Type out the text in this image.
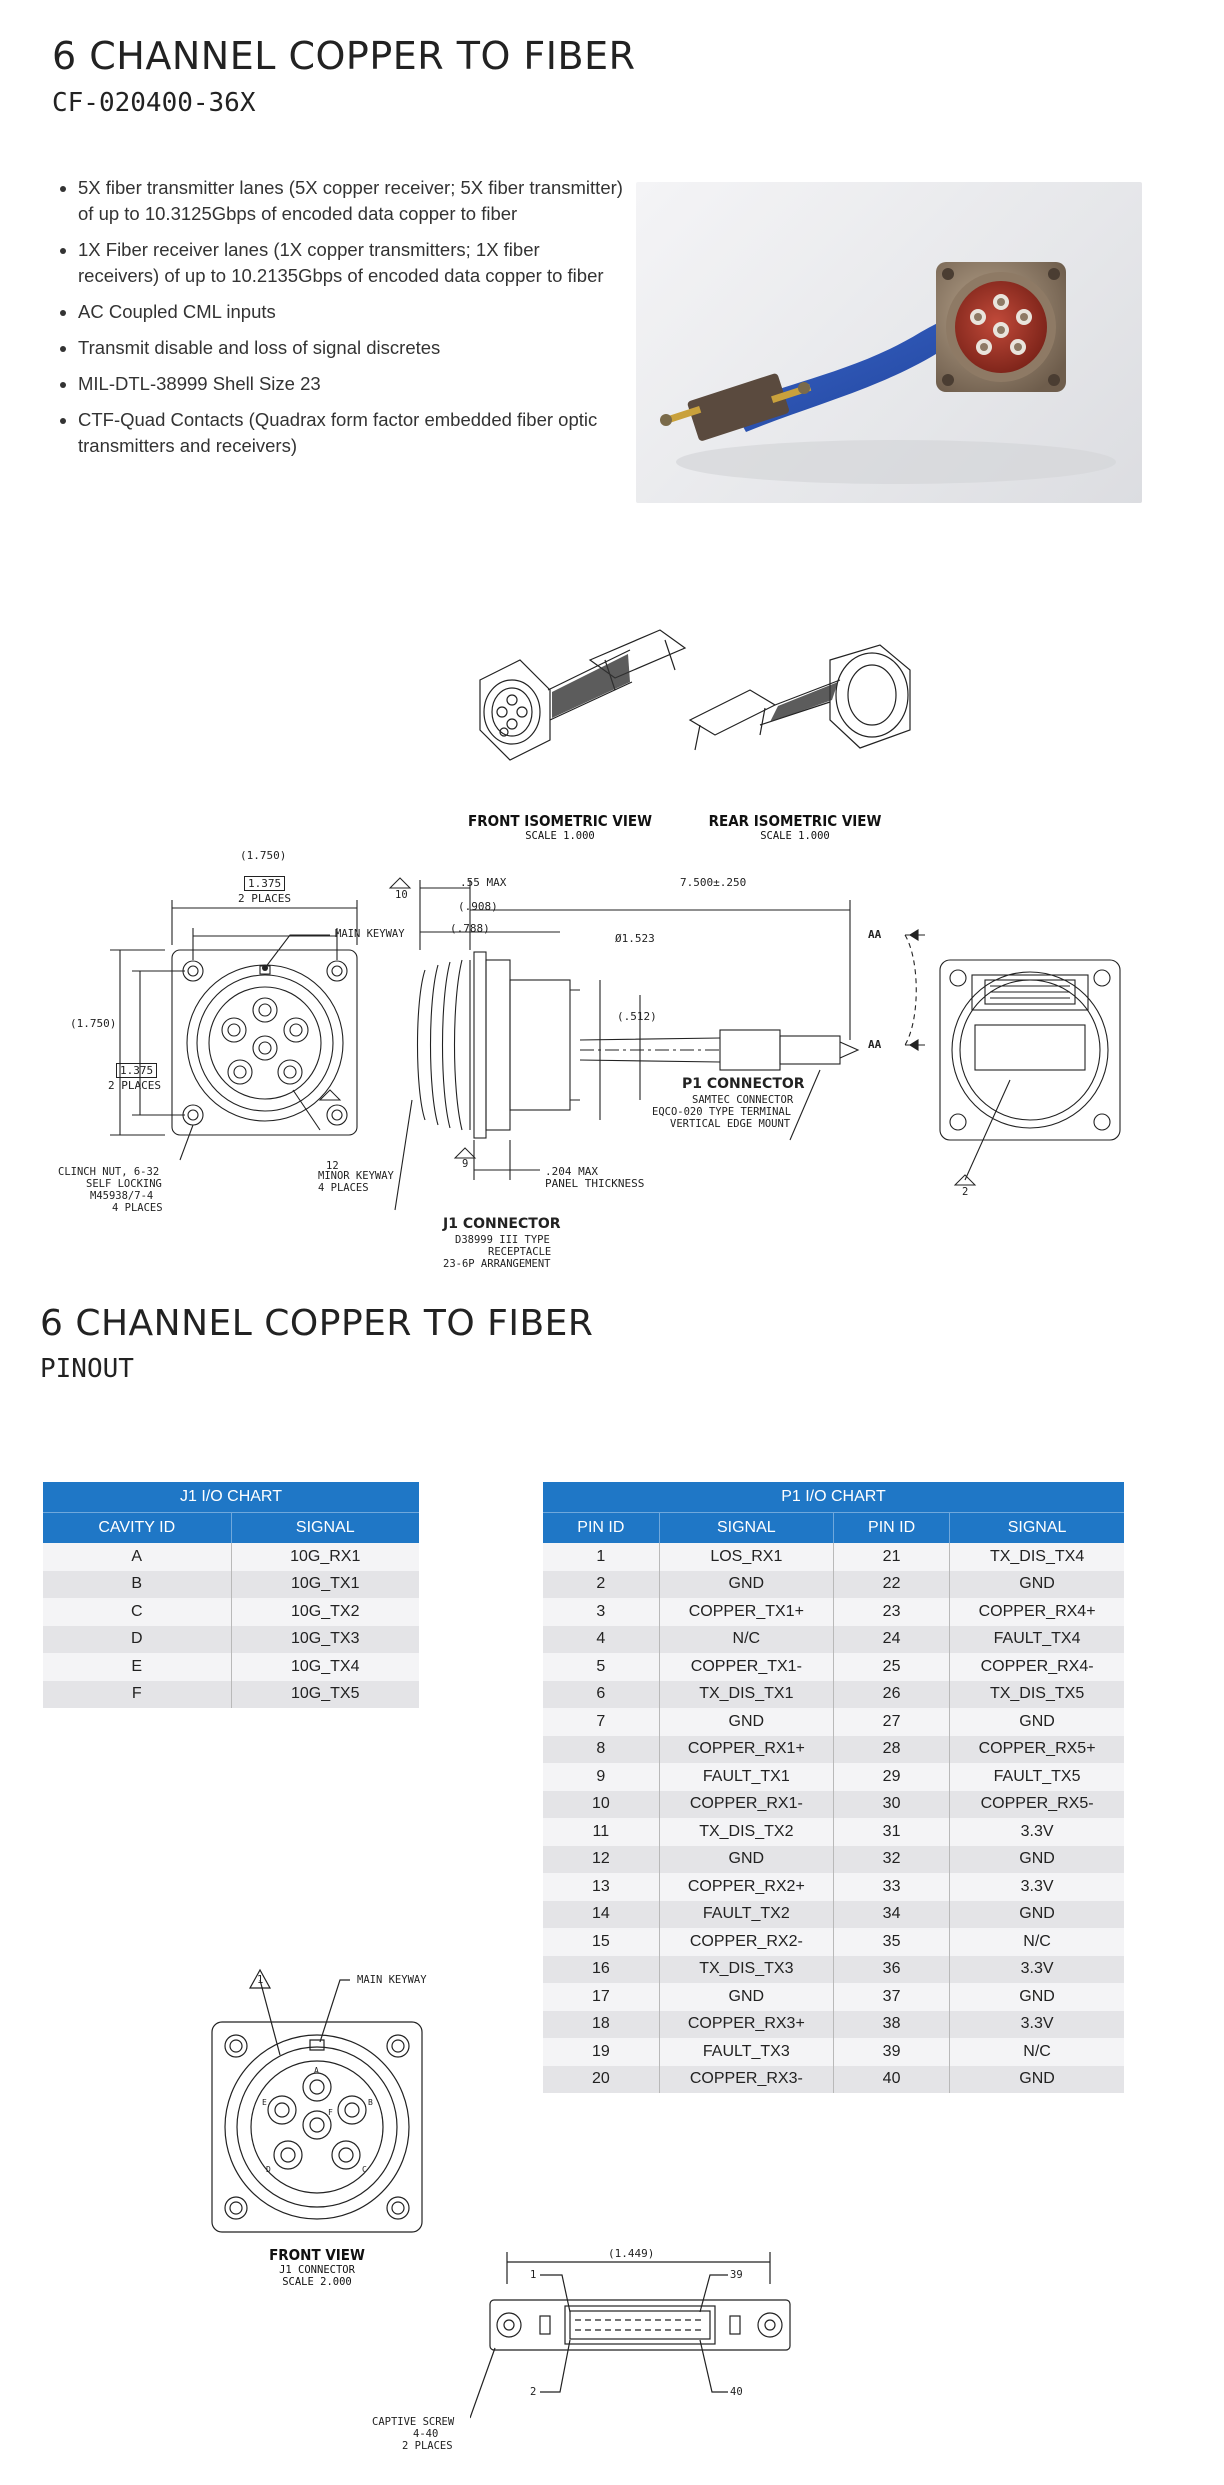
6 CHANNEL COPPER TO FIBER
CF-020400-36X
• 5X fiber transmitter lanes (5X copper receiver; 5X fiber transmitter) of up to 10.3125Gbps of encoded data copper to fiber
• 1X Fiber receiver lanes (1X copper transmitters; 1X fiber receivers) of up to 10.2135Gbps of encoded data copper to fiber
• AC Coupled CML inputs
• Transmit disable and loss of signal discretes
• MIL-DTL-38999 Shell Size 23
• CTF-Quad Contacts (Quadrax form factor embedded fiber optic transmitters and receivers)
FRONT ISOMETRIC VIEW
SCALE 1.000
REAR ISOMETRIC VIEW
SCALE 1.000
(1.750)
1.375
2 PLACES
(1.750)
1.375
2 PLACES
.55 MAX
(.908)
(.788)
7.500±.250
Ø1.523
(.512)
.204 MAX
PANEL THICKNESS
AA
AA
MAIN KEYWAY
MINOR KEYWAY
4 PLACES
CLINCH NUT, 6-32
SELF LOCKING
M45938/7-4
4 PLACES
P1 CONNECTOR
SAMTEC CONNECTOR
EQCO-020 TYPE TERMINAL
VERTICAL EDGE MOUNT
J1 CONNECTOR
D38999 III TYPE
RECEPTACLE
23-6P ARRANGEMENT
10
12	9
2
6 CHANNEL COPPER TO FIBER
PINOUT
J1 I/O CHART	
CAVITY ID	SIGNAL
A	10G_RX1
B	10G_TX1
C	10G_TX2
D	10G_TX3
E	10G_TX4
F	10G_TX5
P1 I/O CHART			
PIN ID	SIGNAL	PIN ID	SIGNAL
1	LOS_RX1	21	TX_DIS_TX4
2	GND	22	GND
3	COPPER_TX1+	23	COPPER_RX4+
4	N/C	24	FAULT_TX4
5	COPPER_TX1-	25	COPPER_RX4-
6	TX_DIS_TX1	26	TX_DIS_TX5
7	GND	27	GND
8	COPPER_RX1+	28	COPPER_RX5+
9	FAULT_TX1	29	FAULT_TX5
10	COPPER_RX1-	30	COPPER_RX5-
11	TX_DIS_TX2	31	3.3V
12	GND	32	GND
13	COPPER_RX2+	33	3.3V
14	FAULT_TX2	34	GND
15	COPPER_RX2-	35	N/C
16	TX_DIS_TX3	36	3.3V
17	GND	37	GND
18	COPPER_RX3+	38	3.3V
19	FAULT_TX3	39	N/C
20	COPPER_RX3-	40	GND
A
B
C
D
E
F
MAIN KEYWAY
1
FRONT VIEW
J1 CONNECTOR
SCALE 2.000
(1.449)
1	39
2	40
CAPTIVE SCREW
4-40
2 PLACES
